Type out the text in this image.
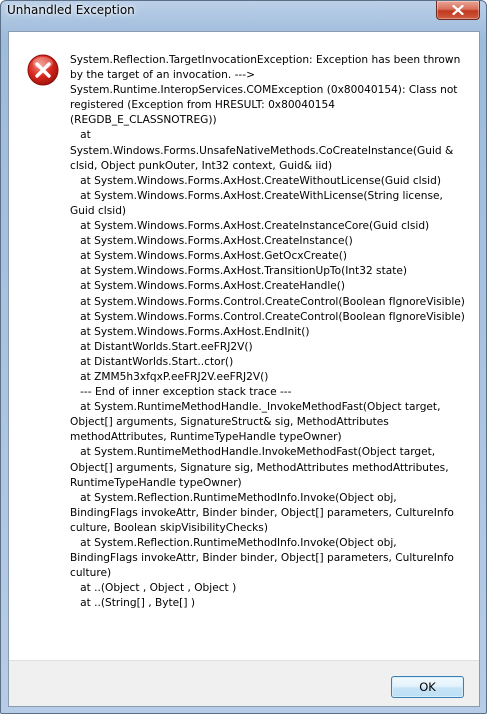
Unhandled Exception

System.Reflection.TargetInvocationException: Exception has been thrown by the target of an invocation. --->
System.Runtime.InteropServices.COMException (0x80040154): Class not registered (Exception from HRESULT: 0x80040154 (REGDB_E_CLASSNOTREG))
at
System.Windows.Forms.UnsafeNativeMethods.CoCreateInstance(Guid & clsid, Object punkOuter, Int32 context, Guid& iid)
at System.Windows.Forms.AxHost.CreateWithoutLicense(Guid clsid)
at System.Windows.Forms.AxHost.CreateWithLicense(String license, Guid clsid)
at System.Windows.Forms.AxHost.CreateInstanceCore(Guid clsid)
at System.Windows.Forms.AxHost.CreateInstance()
at System.Windows.Forms.AxHost.GetOcxCreate()
at System.Windows.Forms.AxHost.TransitionUpTo(Int32 state)
at System.Windows.Forms.AxHost.CreateHandle()
at System.Windows.Forms.Control.CreateControl(Boolean fIgnoreVisible)
at System.Windows.Forms.Control.CreateControl(Boolean fIgnoreVisible)
at System.Windows.Forms.AxHost.EndInit()
at DistantWorlds.Start.eeFRJ2V()
at DistantWorlds.Start..ctor()
at ZMM5h3xfqxP.eeFRJ2V.eeFRJ2V()
--- End of inner exception stack trace ---
at System.RuntimeMethodHandle._InvokeMethodFast(Object target, Object[] arguments, SignatureStruct& sig, MethodAttributes methodAttributes, RuntimeTypeHandle typeOwner)
at System.RuntimeMethodHandle.InvokeMethodFast(Object target, Object[] arguments, Signature sig, MethodAttributes methodAttributes, RuntimeTypeHandle typeOwner)
at System.Reflection.RuntimeMethodInfo.Invoke(Object obj, BindingFlags invokeAttr, Binder binder, Object[] parameters, CultureInfo culture, Boolean skipVisibilityChecks)
at System.Reflection.RuntimeMethodInfo.Invoke(Object obj, BindingFlags invokeAttr, Binder binder, Object[] parameters, CultureInfo culture)
at ..(Object , Object , Object )
at ..(String[] , Byte[] )

OK
